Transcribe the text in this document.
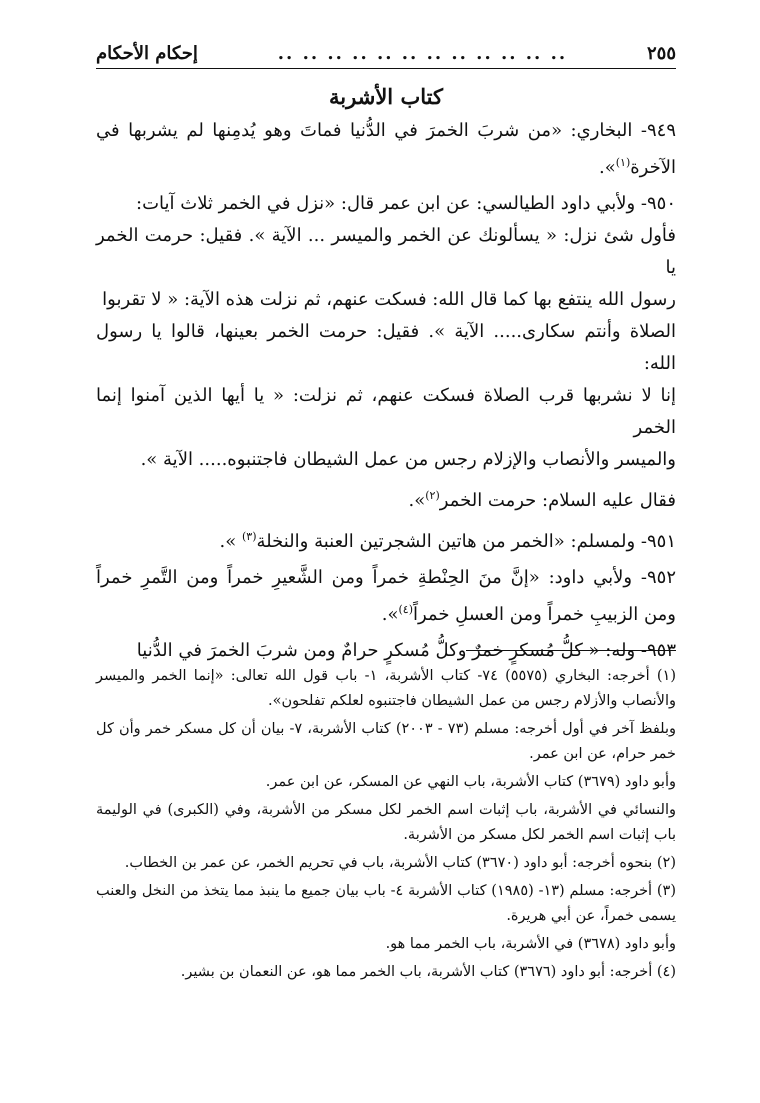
٢٥٥
.. .. .. .. .. .. .. .. .. .. .. ..
إحكام الأحكام
كتاب الأشربة
٩٤٩- البخاري: «من شربَ الخمرَ في الدُّنيا فماتَ وهو يُدمِنها لم يشربها في الآخرة$^{(١)}$».

٩٥٠- ولأبي داود الطيالسي: عن ابن عمر قال: «نزل في الخمر ثلاث آيات:

فأول شئ نزل: « يسألونك عن الخمر والميسر ... الآية ». فقيل: حرمت الخمر يا

رسول الله ينتفع بها كما قال الله: فسكت عنهم، ثم نزلت هذه الآية: « لا تقربوا

الصلاة وأنتم سكارى..... الآية ». فقيل: حرمت الخمر بعينها، قالوا يا رسول الله:

إنا لا نشربها قرب الصلاة فسكت عنهم، ثم نزلت: « يا أيها الذين آمنوا إنما الخمر

والميسر والأنصاب والإزلام رجس من عمل الشيطان فاجتنبوه..... الآية ».

فقال عليه السلام: حرمت الخمر$^{(٢)}$».
٩٥١- ولمسلم: «الخمر من هاتين الشجرتين العنبة والنخلة$^{(٣)}$ ».
٩٥٢- ولأبي داود: «إنَّ منَ الحِنْطةِ خمراً ومن الشَّعيرِ خمراً ومن التَّمرِ خمراً ومن الزبيبِ خمراً ومن العسلِ خمراً$^{(٤)}$».
٩٥٣- وله: « كلُّ مُسكرٍ خمرٌ وكلُّ مُسكرٍ حرامٌ ومن شربَ الخمرَ في الدُّنيا

(١) أخرجه: البخاري (٥٥٧٥) ٧٤- كتاب الأشربة، ١- باب قول الله تعالى: «إنما الخمر والميسر والأنصاب والأزلام رجس من عمل الشيطان فاجتنبوه لعلكم تفلحون».

وبلفظ آخر في أول أخرجه: مسلم (٧٣ - ٢٠٠٣) كتاب الأشربة، ٧- بيان أن كل مسكر خمر وأن كل خمر حرام، عن ابن عمر.

وأبو داود (٣٦٧٩) كتاب الأشربة، باب النهي عن المسكر، عن ابن عمر.

والنسائي في الأشربة، باب إثبات اسم الخمر لكل مسكر من الأشربة، وفي (الكبرى) في الوليمة باب إثبات اسم الخمر لكل مسكر من الأشربة.

(٢) بنحوه أخرجه: أبو داود (٣٦٧٠) كتاب الأشربة، باب في تحريم الخمر، عن عمر بن الخطاب.

(٣) أخرجه: مسلم (١٣- (١٩٨٥) كتاب الأشربة ٤- باب بيان جميع ما ينبذ مما يتخذ من النخل والعنب يسمى خمراً، عن أبي هريرة.

وأبو داود (٣٦٧٨) في الأشربة، باب الخمر مما هو.

(٤) أخرجه: أبو داود (٣٦٧٦) كتاب الأشربة، باب الخمر مما هو، عن النعمان بن بشير.
